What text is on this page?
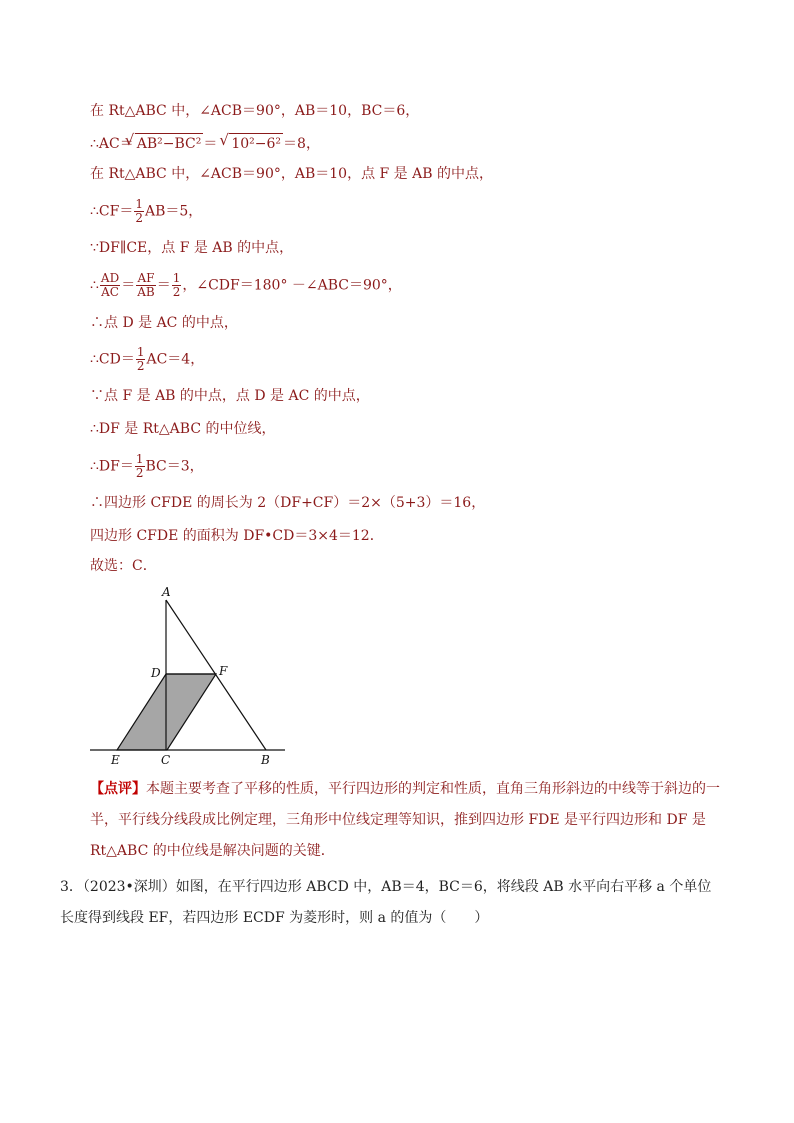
在 Rt△ABC 中，∠ACB＝90°，AB＝10，BC＝6，
∴AC＝ √ AB²−BC² ＝ √ 10²−6² ＝8，
在 Rt△ABC 中，∠ACB＝90°，AB＝10，点 F 是 AB 的中点，
∴CF＝ $\frac{1}{2} AB=5$，
∵DF∥CE，点 F 是 AB 的中点，
∴ $\frac{AD}{AC} = \frac{AF}{AB} = \frac{1}{2}$ ，∠CDF＝180° －∠ABC＝90°，
∴点 D 是 AC 的中点，
∴CD＝ $\frac{1}{2} AC=4$，
∵点 F 是 AB 的中点，点 D 是 AC 的中点，
∴DF 是 Rt△ABC 的中位线，
∴DF＝ $\frac{1}{2} BC=3$，
∴四边形 CFDE 的周长为 2（DF+CF）＝2×（5+3）＝16，
四边形 CFDE 的面积为 DF•CD＝3×4＝12．
故选：C．
A
D	F
E	C	B
【点评】本题主要考查了平移的性质，平行四边形的判定和性质，直角三角形斜边的中线等于斜边的一半，平行线分线段成比例定理，三角形中位线定理等知识，推到四边形 FDE 是平行四边形和 DF 是 Rt△ABC 的中位线是解决问题的关键．
3．（2023•深圳）如图，在平行四边形 ABCD 中，AB＝4，BC＝6，将线段 AB 水平向右平移 a 个单位长度得到线段 EF，若四边形 ECDF 为菱形时，则 a 的值为（　　）
